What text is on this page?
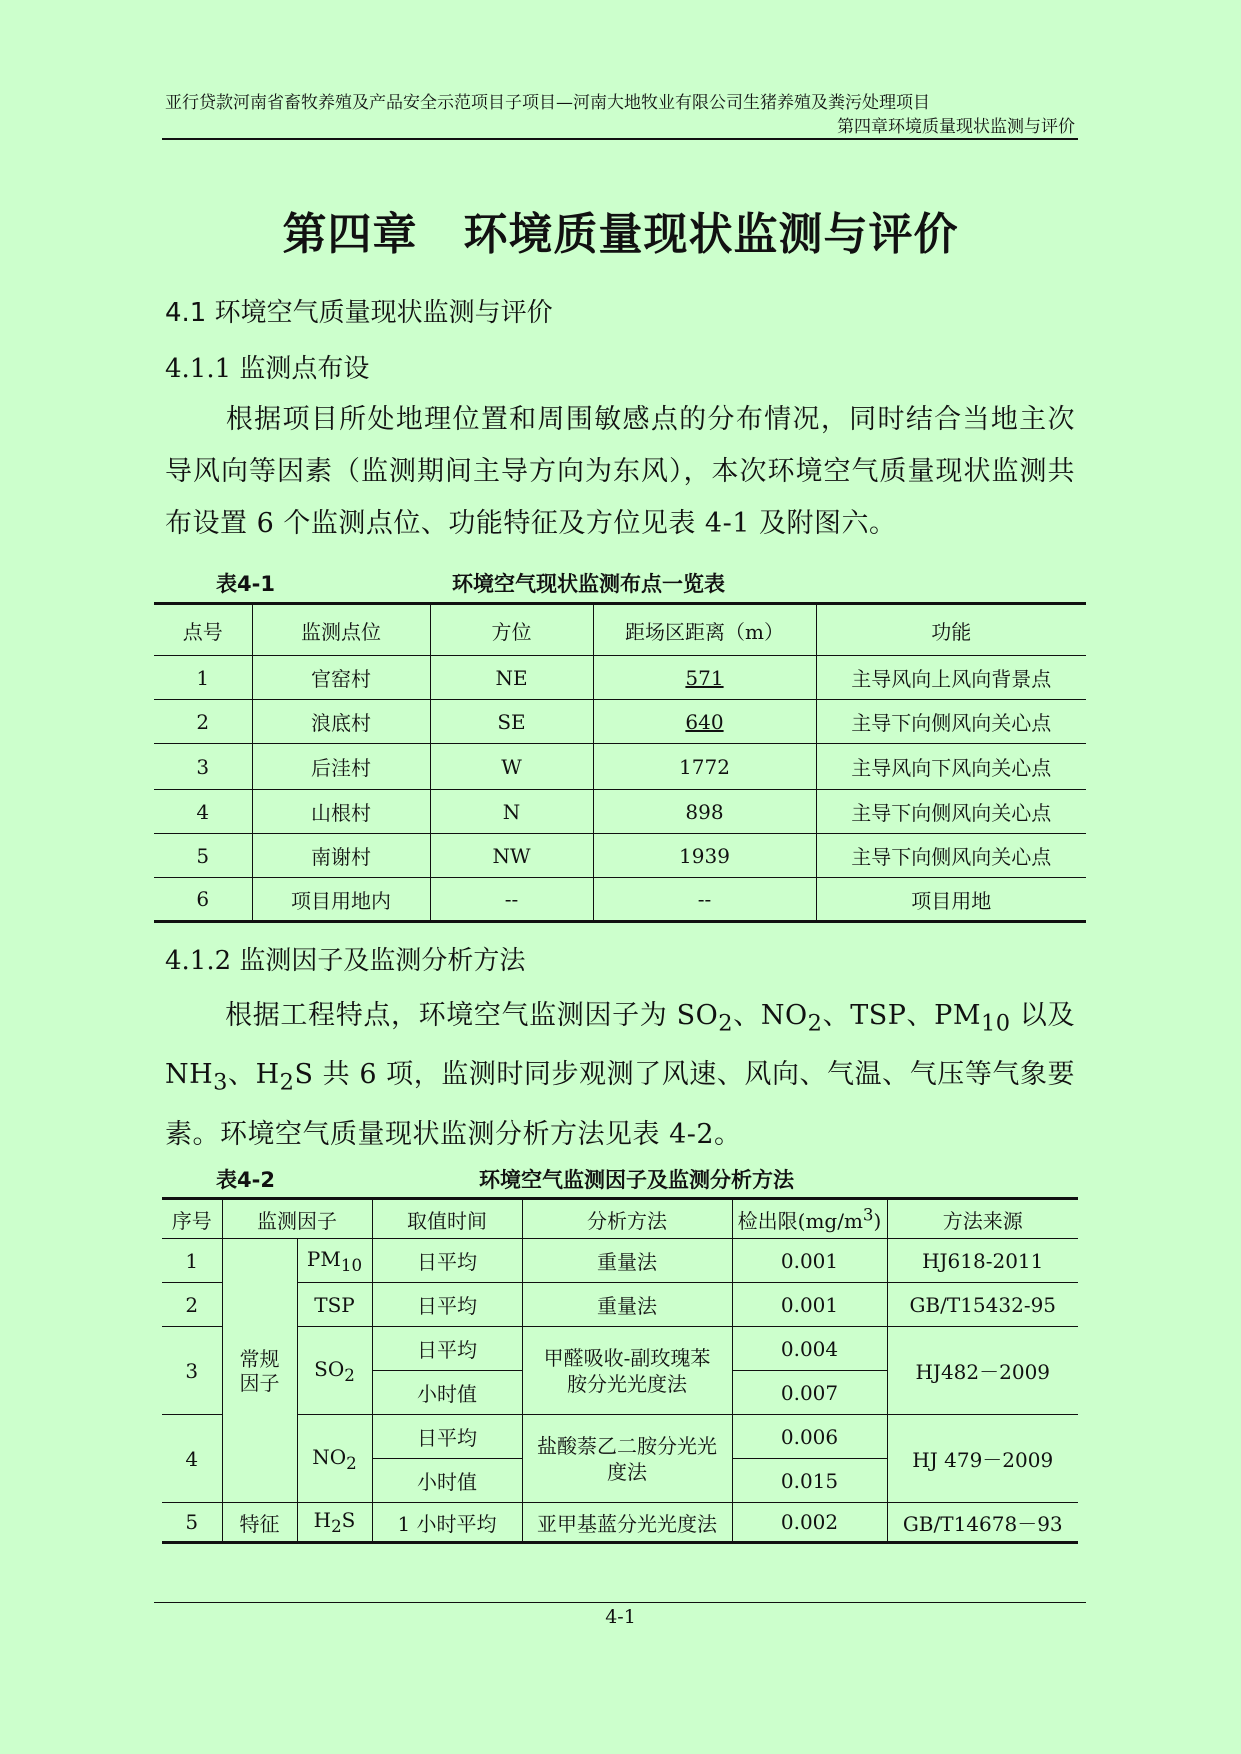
亚行贷款河南省畜牧养殖及产品安全示范项目子项目—河南大地牧业有限公司生猪养殖及粪污处理项目
第四章环境质量现状监测与评价
第四章 环境质量现状监测与评价
4.1 环境空气质量现状监测与评价
4.1.1 监测点布设
根据项目所处地理位置和周围敏感点的分布情况，同时结合当地主次导风向等因素（监测期间主导方向为东风），本次环境空气质量现状监测共布设置 6 个监测点位、功能特征及方位见表 4-1 及附图六。
表4-1	环境空气现状监测布点一览表
点号	监测点位	方位	距场区距离（m）	功能
1	官窑村	NE	571	主导风向上风向背景点
2	浪底村	SE	640	主导下向侧风向关心点
3	后洼村	W	1772	主导风向下风向关心点
4	山根村	N	898	主导下向侧风向关心点
5	南谢村	NW	1939	主导下向侧风向关心点
6	项目用地内	--	--	项目用地
4.1.2 监测因子及监测分析方法
根据工程特点，环境空气监测因子为 $SO_2$、$NO_2$、TSP、$PM_{10}$ 以及 $NH_3$、$H_2S$ 共 6 项，监测时同步观测了风速、风向、气温、气压等气象要素。环境空气质量现状监测分析方法见表 4-2。
表4-2	环境空气监测因子及监测分析方法
序号	监测因子		取值时间	分析方法	检出限$(mg/m^3)$	方法来源
1	常规因子	$PM_{10}$	日平均	重量法	0.001	HJ618-2011
2		TSP	日平均	重量法	0.001	GB/T15432-95
3		$SO_2$	日平均	甲醛吸收-副玫瑰苯胺分光光度法	0.004	HJ482－2009
			小时值		0.007	
4		$NO_2$	日平均	盐酸萘乙二胺分光光度法	0.006	HJ 479－2009
			小时值		0.015	
5	特征	$H_2S$	1 小时平均	亚甲基蓝分光光度法	0.002	GB/T14678－93
4-1
